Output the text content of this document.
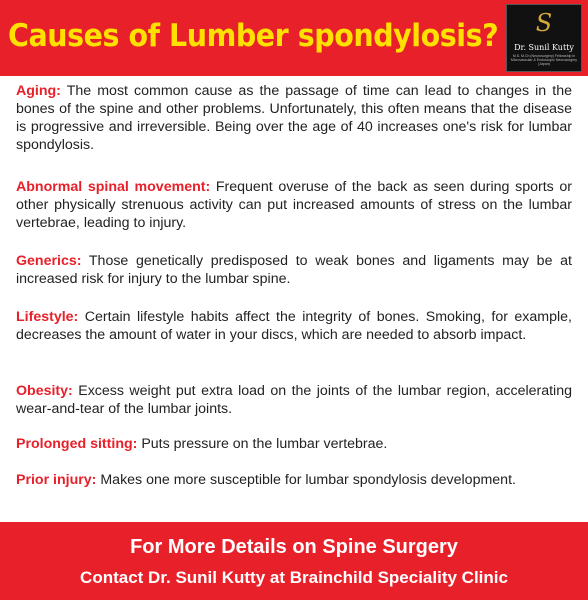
Causes of Lumber spondylosis?	S
Dr. Sunil Kutty
M.S. M.Ch (Neurosurgery) Fellowship in Microvascular & Endoscopic Neurosurgery (Japan)
Aging: The most common cause as the passage of time can lead to changes in the bones of the spine and other problems. Unfortunately, this often means that the disease is progressive and irreversible. Being over the age of 40 increases one's risk for lumbar spondylosis.
Abnormal spinal movement: Frequent overuse of the back as seen during sports or other physically strenuous activity can put increased amounts of stress on the lumbar vertebrae, leading to injury.
Generics: Those genetically predisposed to weak bones and ligaments may be at increased risk for injury to the lumbar spine.
Lifestyle: Certain lifestyle habits affect the integrity of bones. Smoking, for example, decreases the amount of water in your discs, which are needed to absorb impact.
Obesity: Excess weight put extra load on the joints of the lumbar region, accelerating wear-and-tear of the lumbar joints.
Prolonged sitting: Puts pressure on the lumbar vertebrae.
Prior injury: Makes one more susceptible for lumbar spondylosis development.
For More Details on Spine Surgery
Contact Dr. Sunil Kutty at Brainchild Speciality Clinic
